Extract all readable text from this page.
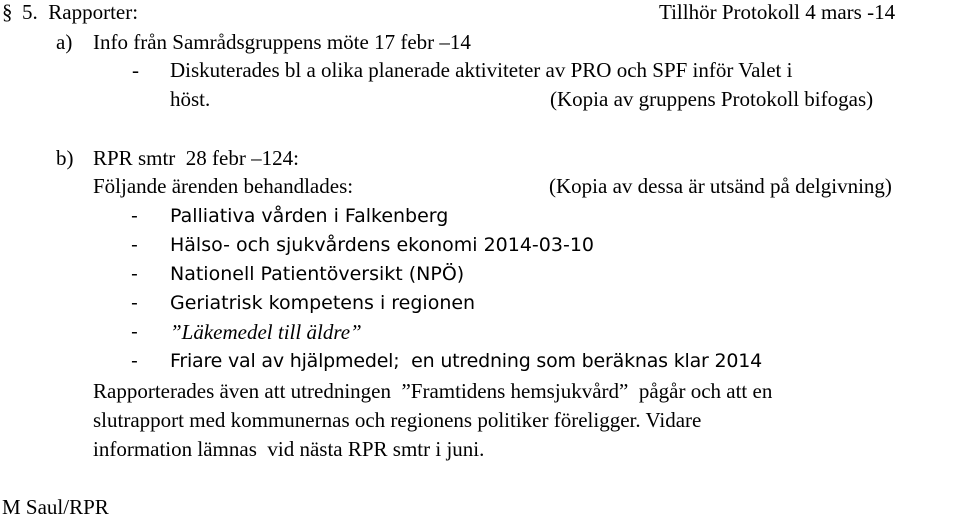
§ 5.  Rapporter:	Tillhör Protokoll 4 mars -14
a) Info från Samrådsgruppens möte 17 febr –14
- Diskuterades bl a olika planerade aktiviteter av PRO och SPF inför Valet i
höst.	(Kopia av gruppens Protokoll bifogas)
b) RPR smtr  28 febr –124:
Följande ärenden behandlades:	(Kopia av dessa är utsänd på delgivning)
- Palliativa vården i Falkenberg
- Hälso- och sjukvårdens ekonomi 2014-03-10
- Nationell Patientöversikt (NPÖ)
- Geriatrisk kompetens i regionen
- ”Läkemedel till äldre”
- Friare val av hjälpmedel;  en utredning som beräknas klar 2014
Rapporterades även att utredningen  ”Framtidens hemsjukvård”  pågår och att en
slutrapport med kommunernas och regionens politiker föreligger. Vidare
information lämnas  vid nästa RPR smtr i juni.
M Saul/RPR
